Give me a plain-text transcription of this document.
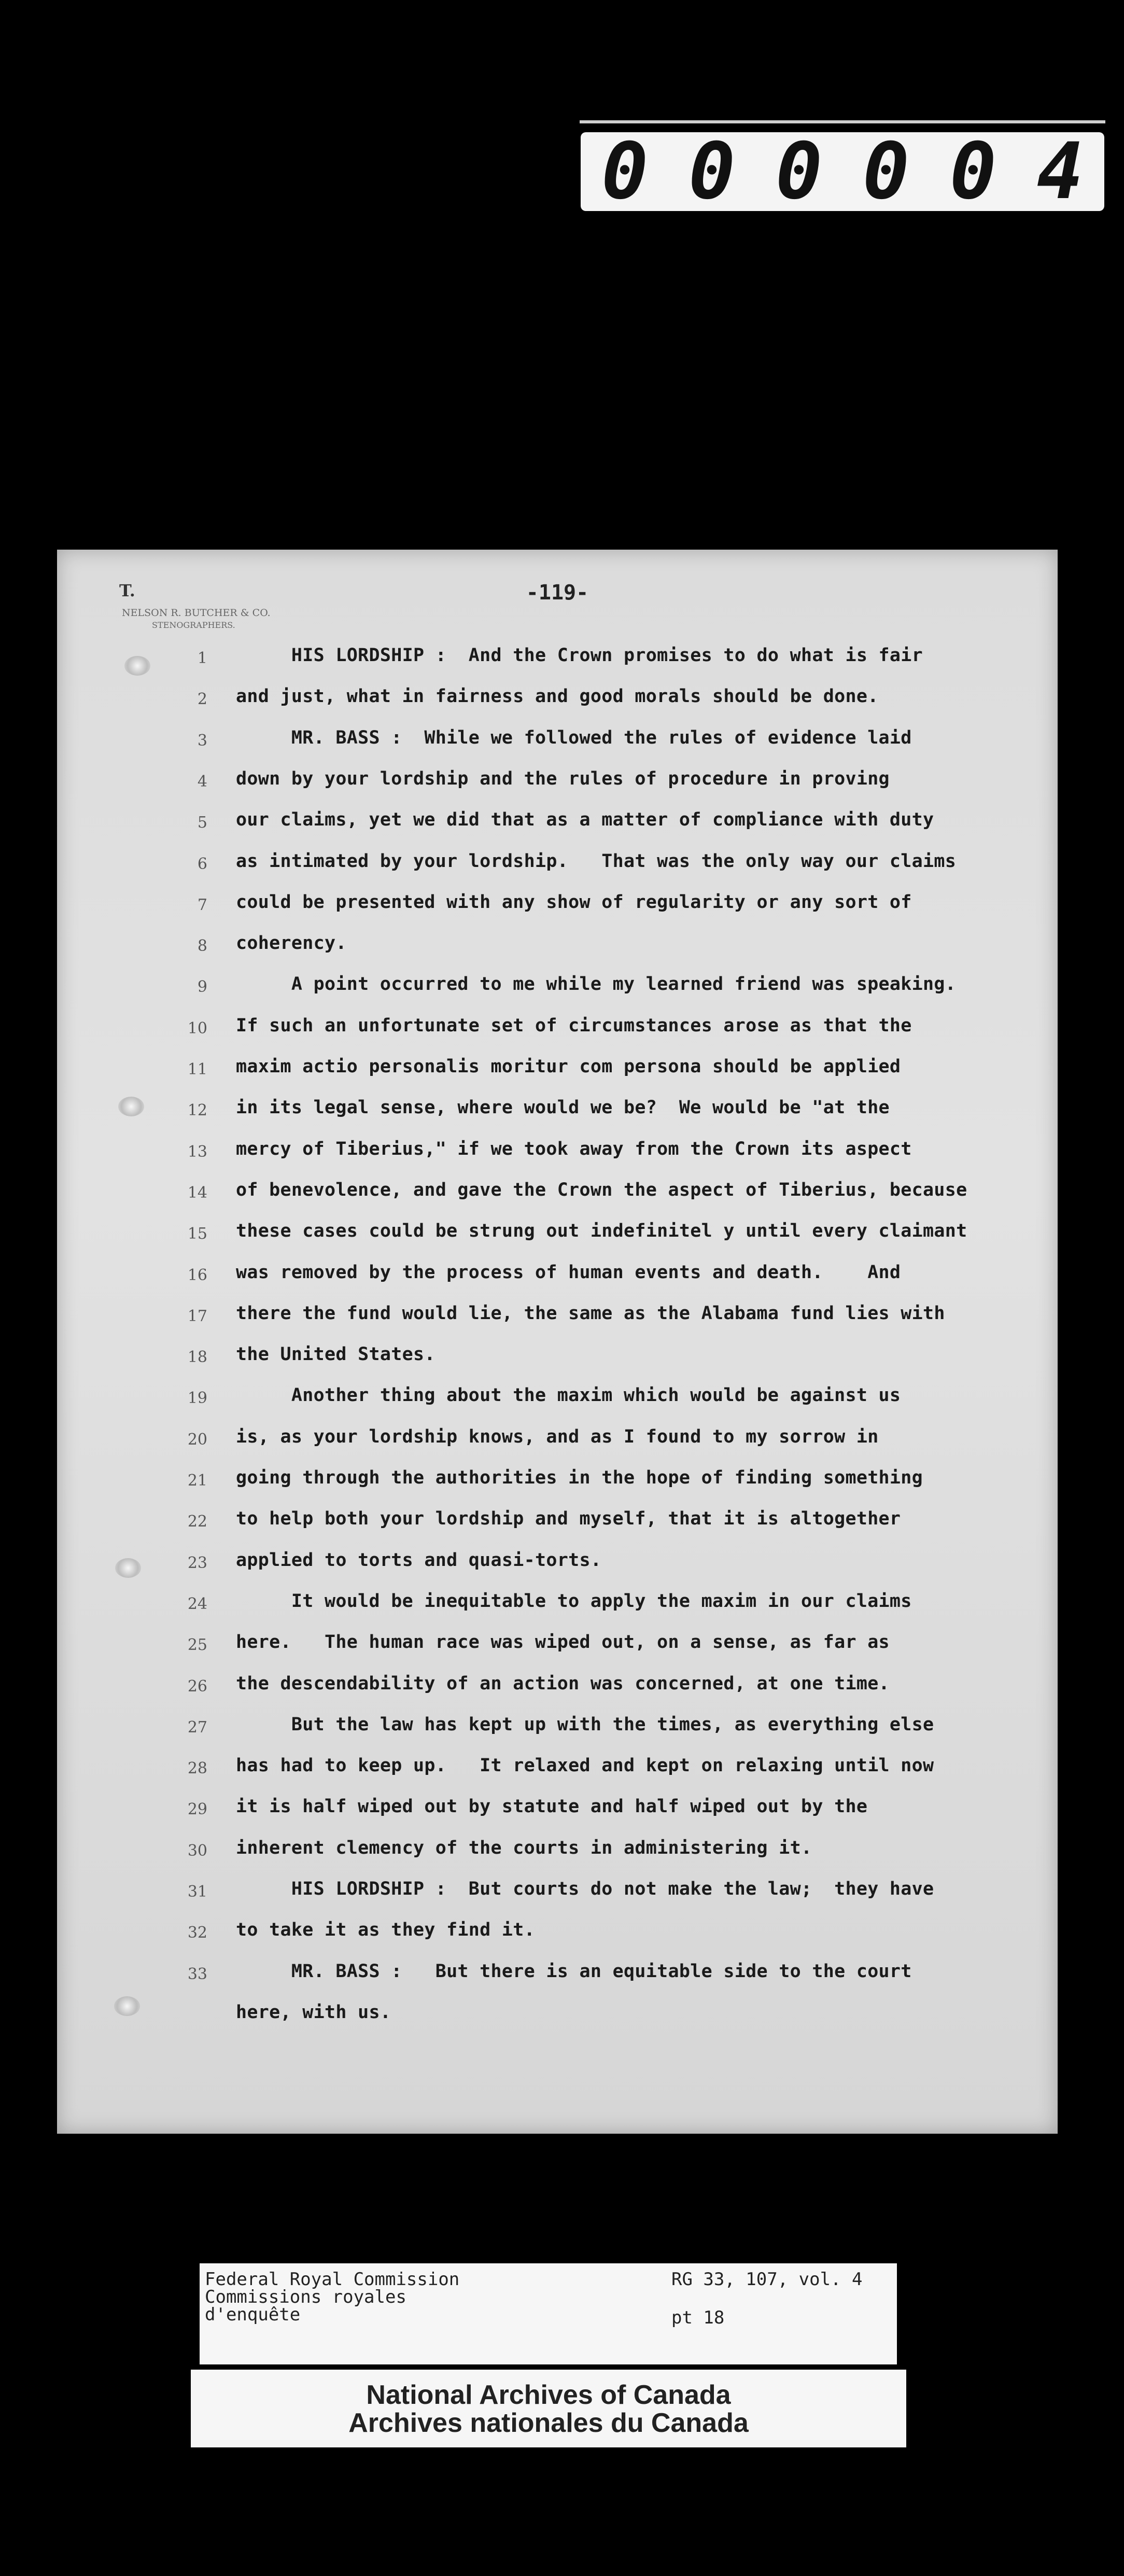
0 0 0 0 0 4
T.
NELSON R. BUTCHER & CO.
STENOGRAPHERS.
-119-
1 HIS LORDSHIP :  And the Crown promises to do what is fair
2 and just, what in fairness and good morals should be done.
3 MR. BASS :  While we followed the rules of evidence laid
4 down by your lordship and the rules of procedure in proving
5 our claims, yet we did that as a matter of compliance with duty
6 as intimated by your lordship.   That was the only way our claims
7 could be presented with any show of regularity or any sort of
8 coherency.
9 A point occurred to me while my learned friend was speaking.
10 If such an unfortunate set of circumstances arose as that the
11 maxim actio personalis moritur com persona should be applied
12 in its legal sense, where would we be?  We would be "at the
13 mercy of Tiberius," if we took away from the Crown its aspect
14 of benevolence, and gave the Crown the aspect of Tiberius, because
15 these cases could be strung out indefinitel y until every claimant
16 was removed by the process of human events and death.    And
17 there the fund would lie, the same as the Alabama fund lies with
18 the United States.
19 Another thing about the maxim which would be against us
20 is, as your lordship knows, and as I found to my sorrow in
21 going through the authorities in the hope of finding something
22 to help both your lordship and myself, that it is altogether
23 applied to torts and quasi-torts.
24 It would be inequitable to apply the maxim in our claims
25 here.   The human race was wiped out, on a sense, as far as
26 the descendability of an action was concerned, at one time.
27 But the law has kept up with the times, as everything else
28 has had to keep up.   It relaxed and kept on relaxing until now
29 it is half wiped out by statute and half wiped out by the
30 inherent clemency of the courts in administering it.
31 HIS LORDSHIP :  But courts do not make the law;  they have
32 to take it as they find it.
33 MR. BASS :   But there is an equitable side to the court
here, with us.
Federal Royal Commission
Commissions royales
d'enquête
RG 33, 107, vol. 4
pt 18
National Archives of Canada
Archives nationales du Canada
